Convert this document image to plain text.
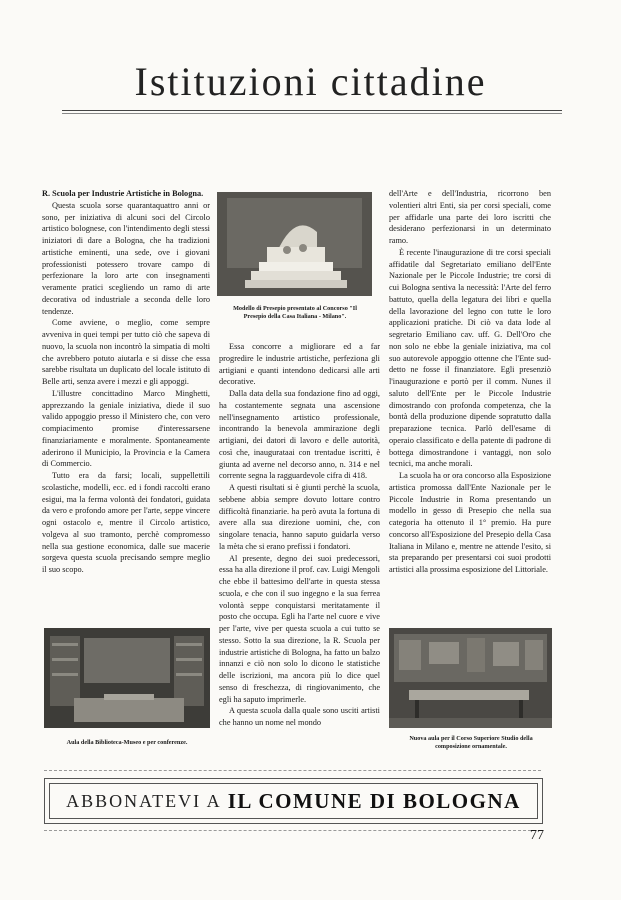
Istituzioni cittadine

R. Scuola per Industrie Artistiche in Bologna.

Questa scuola sorse quarantaquattro anni or sono, per iniziativa di alcuni soci del Circolo artistico bolognese, con l'intendimento degli stessi iniziatori di dare a Bologna, che ha tradizioni artistiche eminenti, una sede, ove i giovani professionisti potessero trovare campo di perfezionare la loro arte con insegnamenti veramente pratici scegliendo un ramo di arte decorativa od industriale a seconda delle loro tendenze.

Come avviene, o meglio, come sempre avveniva in quei tempi per tutto ciò che sapeva di nuovo, la scuola non incontrò la simpatia di molti che avrebbero potuto aiutarla e si disse che essa sarebbe risultata un duplicato del locale istituto di Belle arti, senza avere i mezzi e gli appoggi.

L'illustre concittadino Marco Minghetti, apprezzando la geniale iniziativa, diede il suo valido appoggio presso il Ministero che, con vero compiacimento promise d'interessarsene finanziariamente e moralmente. Spontaneamente aderirono il Municipio, la Provincia e la Camera di Commercio.

Tutto era da farsi; locali, suppellettili scolastiche, modelli, ecc. ed i fondi raccolti erano esigui, ma la ferma volontà dei fondatori, guidata da vero e profondo amore per l'arte, seppe vincere ogni ostacolo e, mentre il Circolo artistico, volgeva al suo tramonto, perchè compromesso nella sua gestione economica, dalle sue macerie sorgeva questa scuola precisando sempre meglio il suo scopo.

Modello di Presepio presentato al Concorso "Il Presepio della Casa Italiana - Milano".

Essa concorre a migliorare ed a far progredire le industrie artistiche, perfeziona gli artigiani e quanti intendono dedicarsi alle arti decorative.

Dalla data della sua fondazione fino ad oggi, ha costantemente segnata una ascensione nell'insegnamento artistico professionale, incontrando la benevola ammirazione degli artigiani, dei datori di lavoro e delle autorità, così che, inaugurataai con trentadue iscritti, è giunta ad averne nel decorso anno, n. 314 e nel corrente segna la ragguardevole cifra di 418.

A questi risultati si è giunti perchè la scuola, sebbene abbia sempre dovuto lottare contro difficoltà finanziarie. ha però avuta la fortuna di avere alla sua direzione uomini, che, con singolare tenacia, hanno saputo guidarla verso la mèta che si erano prefissi i fondatori.

Al presente, degno dei suoi predecessori, essa ha alla direzione il prof. cav. Luigi Mengoli che ebbe il battesimo dell'arte in questa stessa scuola, e che con il suo ingegno e la sua ferrea volontà seppe conquistarsi meritatamente il posto che occupa. Egli ha l'arte nel cuore e vive per l'arte, vive per questa scuola a cui tutto se stesso. Sotto la sua direzione, la R. Scuola per industrie artistiche di Bologna, ha fatto un balzo innanzi e ciò non solo lo dicono le statistiche delle iscrizioni, ma ancora più lo dice quel senso di freschezza, di ringiovanimento, che egli ha saputo imprimerle.

A questa scuola dalla quale sono usciti artisti che hanno un nome nel mondo

dell'Arte e dell'Industria, ricorrono ben volentieri altri Enti, sia per corsi speciali, come per affidarle una parte dei loro iscritti che desiderano perfezionarsi in un determinato ramo.

È recente l'inaugurazione di tre corsi speciali affidatile dal Segretariato emiliano dell'Ente Nazionale per le Piccole Industrie; tre corsi di cui Bologna sentiva la necessità: l'Arte del ferro battuto, quella della legatura dei libri e quella della lavorazione del legno con tutte le loro applicazioni pratiche. Di ciò va data lode al segretario Emiliano cav. uff. G. Dell'Oro che non solo ne ebbe la geniale iniziativa, ma col suo autorevole appoggio ottenne che l'Ente sud-detto ne fosse il finanziatore. Egli presenziò l'inaugurazione e portò per il comm. Nunes il saluto dell'Ente per le Piccole Industrie dimostrando con profonda competenza, che la bontà della produzione dipende sopratutto dalla preparazione tecnica. Parlò dell'esame di operaio classificato e della patente di padrone di bottega dimostrandone i vantaggi, non solo tecnici, ma anche morali.

La scuola ha or ora concorso alla Esposizione artistica promossa dall'Ente Nazionale per le Piccole Industrie in Roma presentando un modello in gesso di Presepio che nella sua categoria ha ottenuto il 1° premio. Ha pure concorso all'Esposizione del Presepio della Casa Italiana in Milano e, mentre ne attende l'esito, si sta preparando per presentarsi coi suoi prodotti artistici alla prossima esposizione del Littoriale.

Aula della Biblioteca-Museo e per conferenze.
Nuova aula per il Corso Superiore Studio della composizione ornamentale.
ABBONATEVI A IL COMUNE DI BOLOGNA
77
